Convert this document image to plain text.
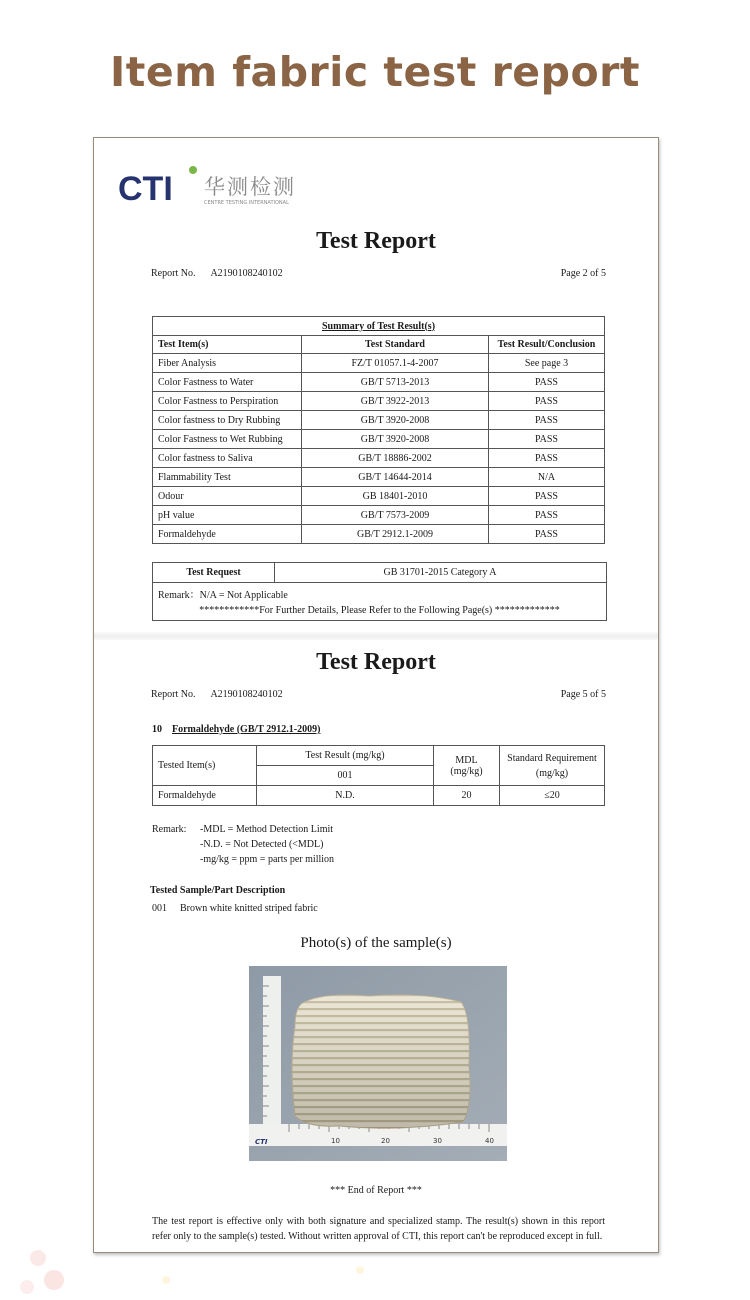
Item fabric test report
CTI 华测检测
CENTRE TESTING INTERNATIONAL
Test Report
Report No. A2190108240102	Page 2 of 5
Summary of Test Result(s)		
Test Item(s)	Test Standard	Test Result/Conclusion
Fiber Analysis	FZ/T 01057.1-4-2007	See page 3
Color Fastness to Water	GB/T 5713-2013	PASS
Color Fastness to Perspiration	GB/T 3922-2013	PASS
Color fastness to Dry Rubbing	GB/T 3920-2008	PASS
Color Fastness to Wet Rubbing	GB/T 3920-2008	PASS
Color fastness to Saliva	GB/T 18886-2002	PASS
Flammability Test	GB/T 14644-2014	N/A
Odour	GB 18401-2010	PASS
pH value	GB/T 7573-2009	PASS
Formaldehyde	GB/T 2912.1-2009	PASS
Test Request	GB 31701-2015 Category A
Remark：N/A = Not Applicable
************For Further Details, Please Refer to the Following Page(s) *************
Test Report
Report No. A2190108240102	Page 5 of 5
10 Formaldehyde (GB/T 2912.1-2009)
Tested Item(s)	Test Result (mg/kg)	MDL (mg/kg)	Standard Requirement (mg/kg)
	001		
Formaldehyde	N.D.	20	≤20
Remark: -MDL = Method Detection Limit
-N.D. = Not Detected (<MDL)
-mg/kg = ppm = parts per million
Tested Sample/Part Description
001 Brown white knitted striped fabric
Photo(s) of the sample(s)
CTI	10	20	30	40
*** End of Report ***
The test report is effective only with both signature and specialized stamp. The result(s) shown in this report refer only to the sample(s) tested. Without written approval of CTI, this report can't be reproduced except in full.
